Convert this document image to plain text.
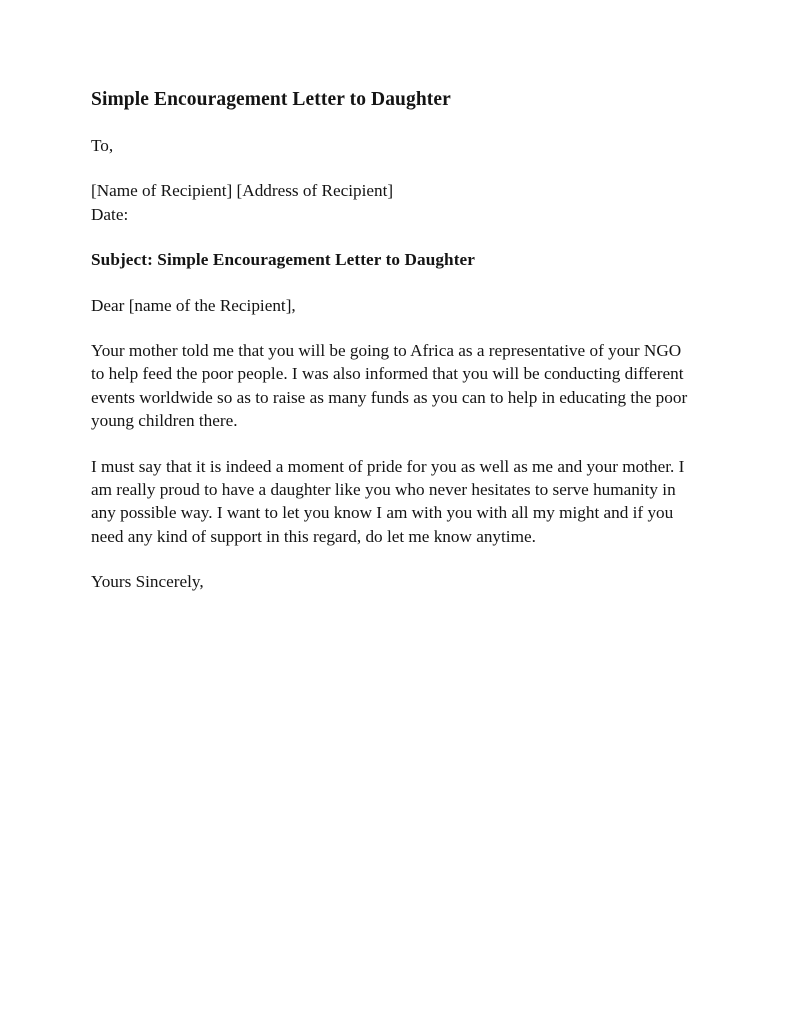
Simple Encouragement Letter to Daughter

To,

[Name of Recipient] [Address of Recipient]
Date:

Subject: Simple Encouragement Letter to Daughter

Dear [name of the Recipient],

Your mother told me that you will be going to Africa as a representative of your NGO to help feed the poor people. I was also informed that you will be conducting different events worldwide so as to raise as many funds as you can to help in educating the poor young children there.

I must say that it is indeed a moment of pride for you as well as me and your mother. I am really proud to have a daughter like you who never hesitates to serve humanity in any possible way. I want to let you know I am with you with all my might and if you need any kind of support in this regard, do let me know anytime.

Yours Sincerely,
